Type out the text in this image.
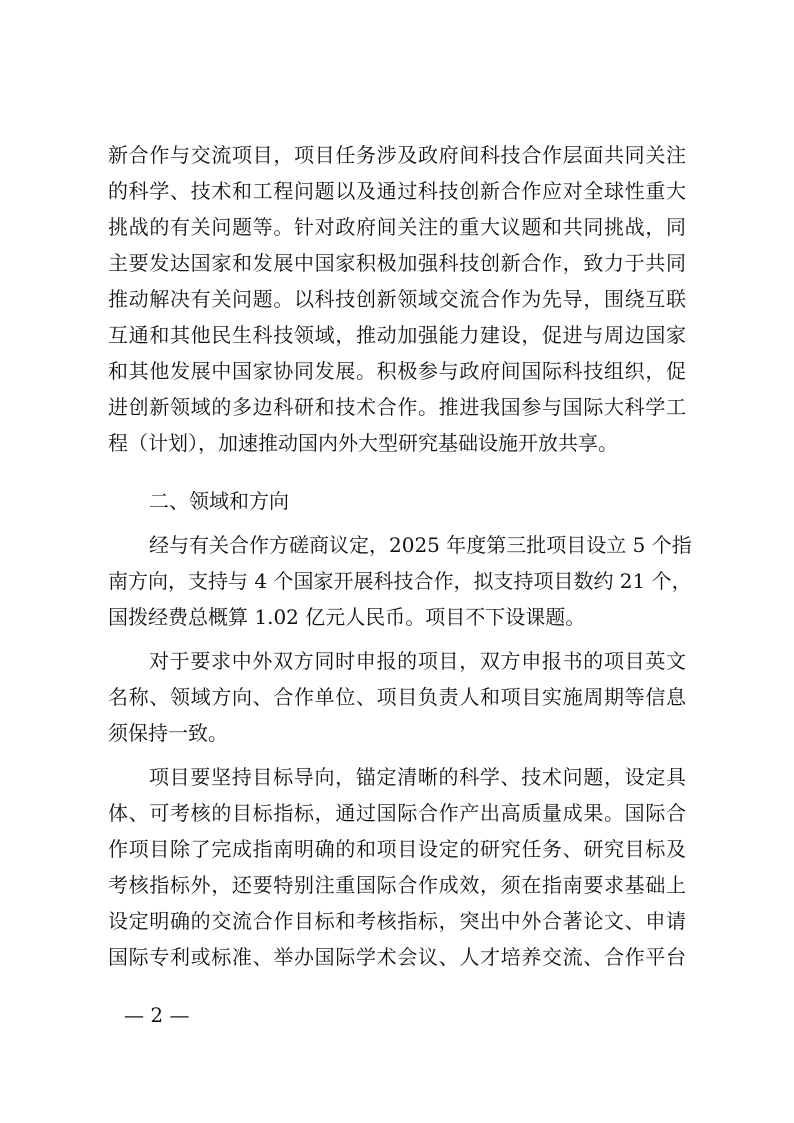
新合作与交流项目，项目任务涉及政府间科技合作层面共同关注
的科学、技术和工程问题以及通过科技创新合作应对全球性重大
挑战的有关问题等。针对政府间关注的重大议题和共同挑战，同
主要发达国家和发展中国家积极加强科技创新合作，致力于共同
推动解决有关问题。以科技创新领域交流合作为先导，围绕互联
互通和其他民生科技领域，推动加强能力建设，促进与周边国家
和其他发展中国家协同发展。积极参与政府间国际科技组织，促
进创新领域的多边科研和技术合作。推进我国参与国际大科学工
程（计划），加速推动国内外大型研究基础设施开放共享。
二、领域和方向
经与有关合作方磋商议定，2025 年度第三批项目设立 5 个指
南方向，支持与 4 个国家开展科技合作，拟支持项目数约 21 个，
国拨经费总概算 1.02 亿元人民币。项目不下设课题。
对于要求中外双方同时申报的项目，双方申报书的项目英文
名称、领域方向、合作单位、项目负责人和项目实施周期等信息
须保持一致。
项目要坚持目标导向，锚定清晰的科学、技术问题，设定具
体、可考核的目标指标，通过国际合作产出高质量成果。国际合
作项目除了完成指南明确的和项目设定的研究任务、研究目标及
考核指标外，还要特别注重国际合作成效，须在指南要求基础上
设定明确的交流合作目标和考核指标，突出中外合著论文、申请
国际专利或标准、举办国际学术会议、人才培养交流、合作平台
— 2 —
